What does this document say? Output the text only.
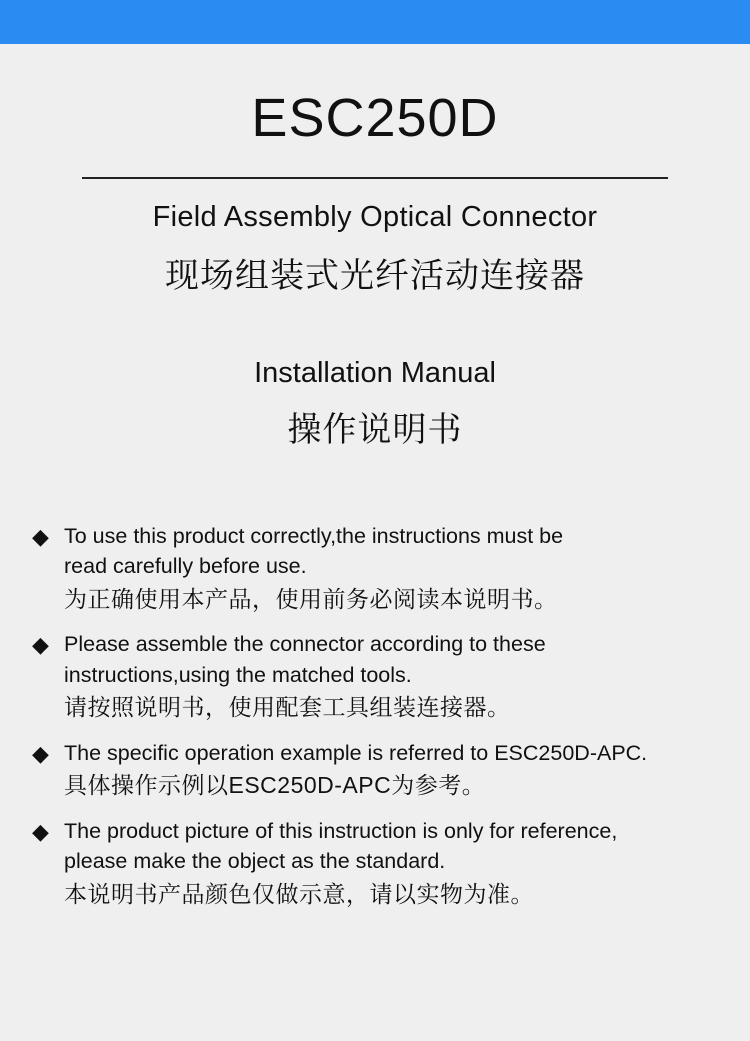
ESC250D
Field Assembly Optical Connector
现场组装式光纤活动连接器
Installation Manual
操作说明书
◆ To use this product correctly,the instructions must be
read carefully before use.
为正确使用本产品，使用前务必阅读本说明书。
◆ Please assemble the connector according to these
instructions,using the matched tools.
请按照说明书，使用配套工具组装连接器。
◆ The specific operation example is referred to ESC250D-APC.
具体操作示例以ESC250D-APC为参考。
◆ The product picture of this instruction is only for reference,
please make the object as the standard.
本说明书产品颜色仅做示意，请以实物为准。
